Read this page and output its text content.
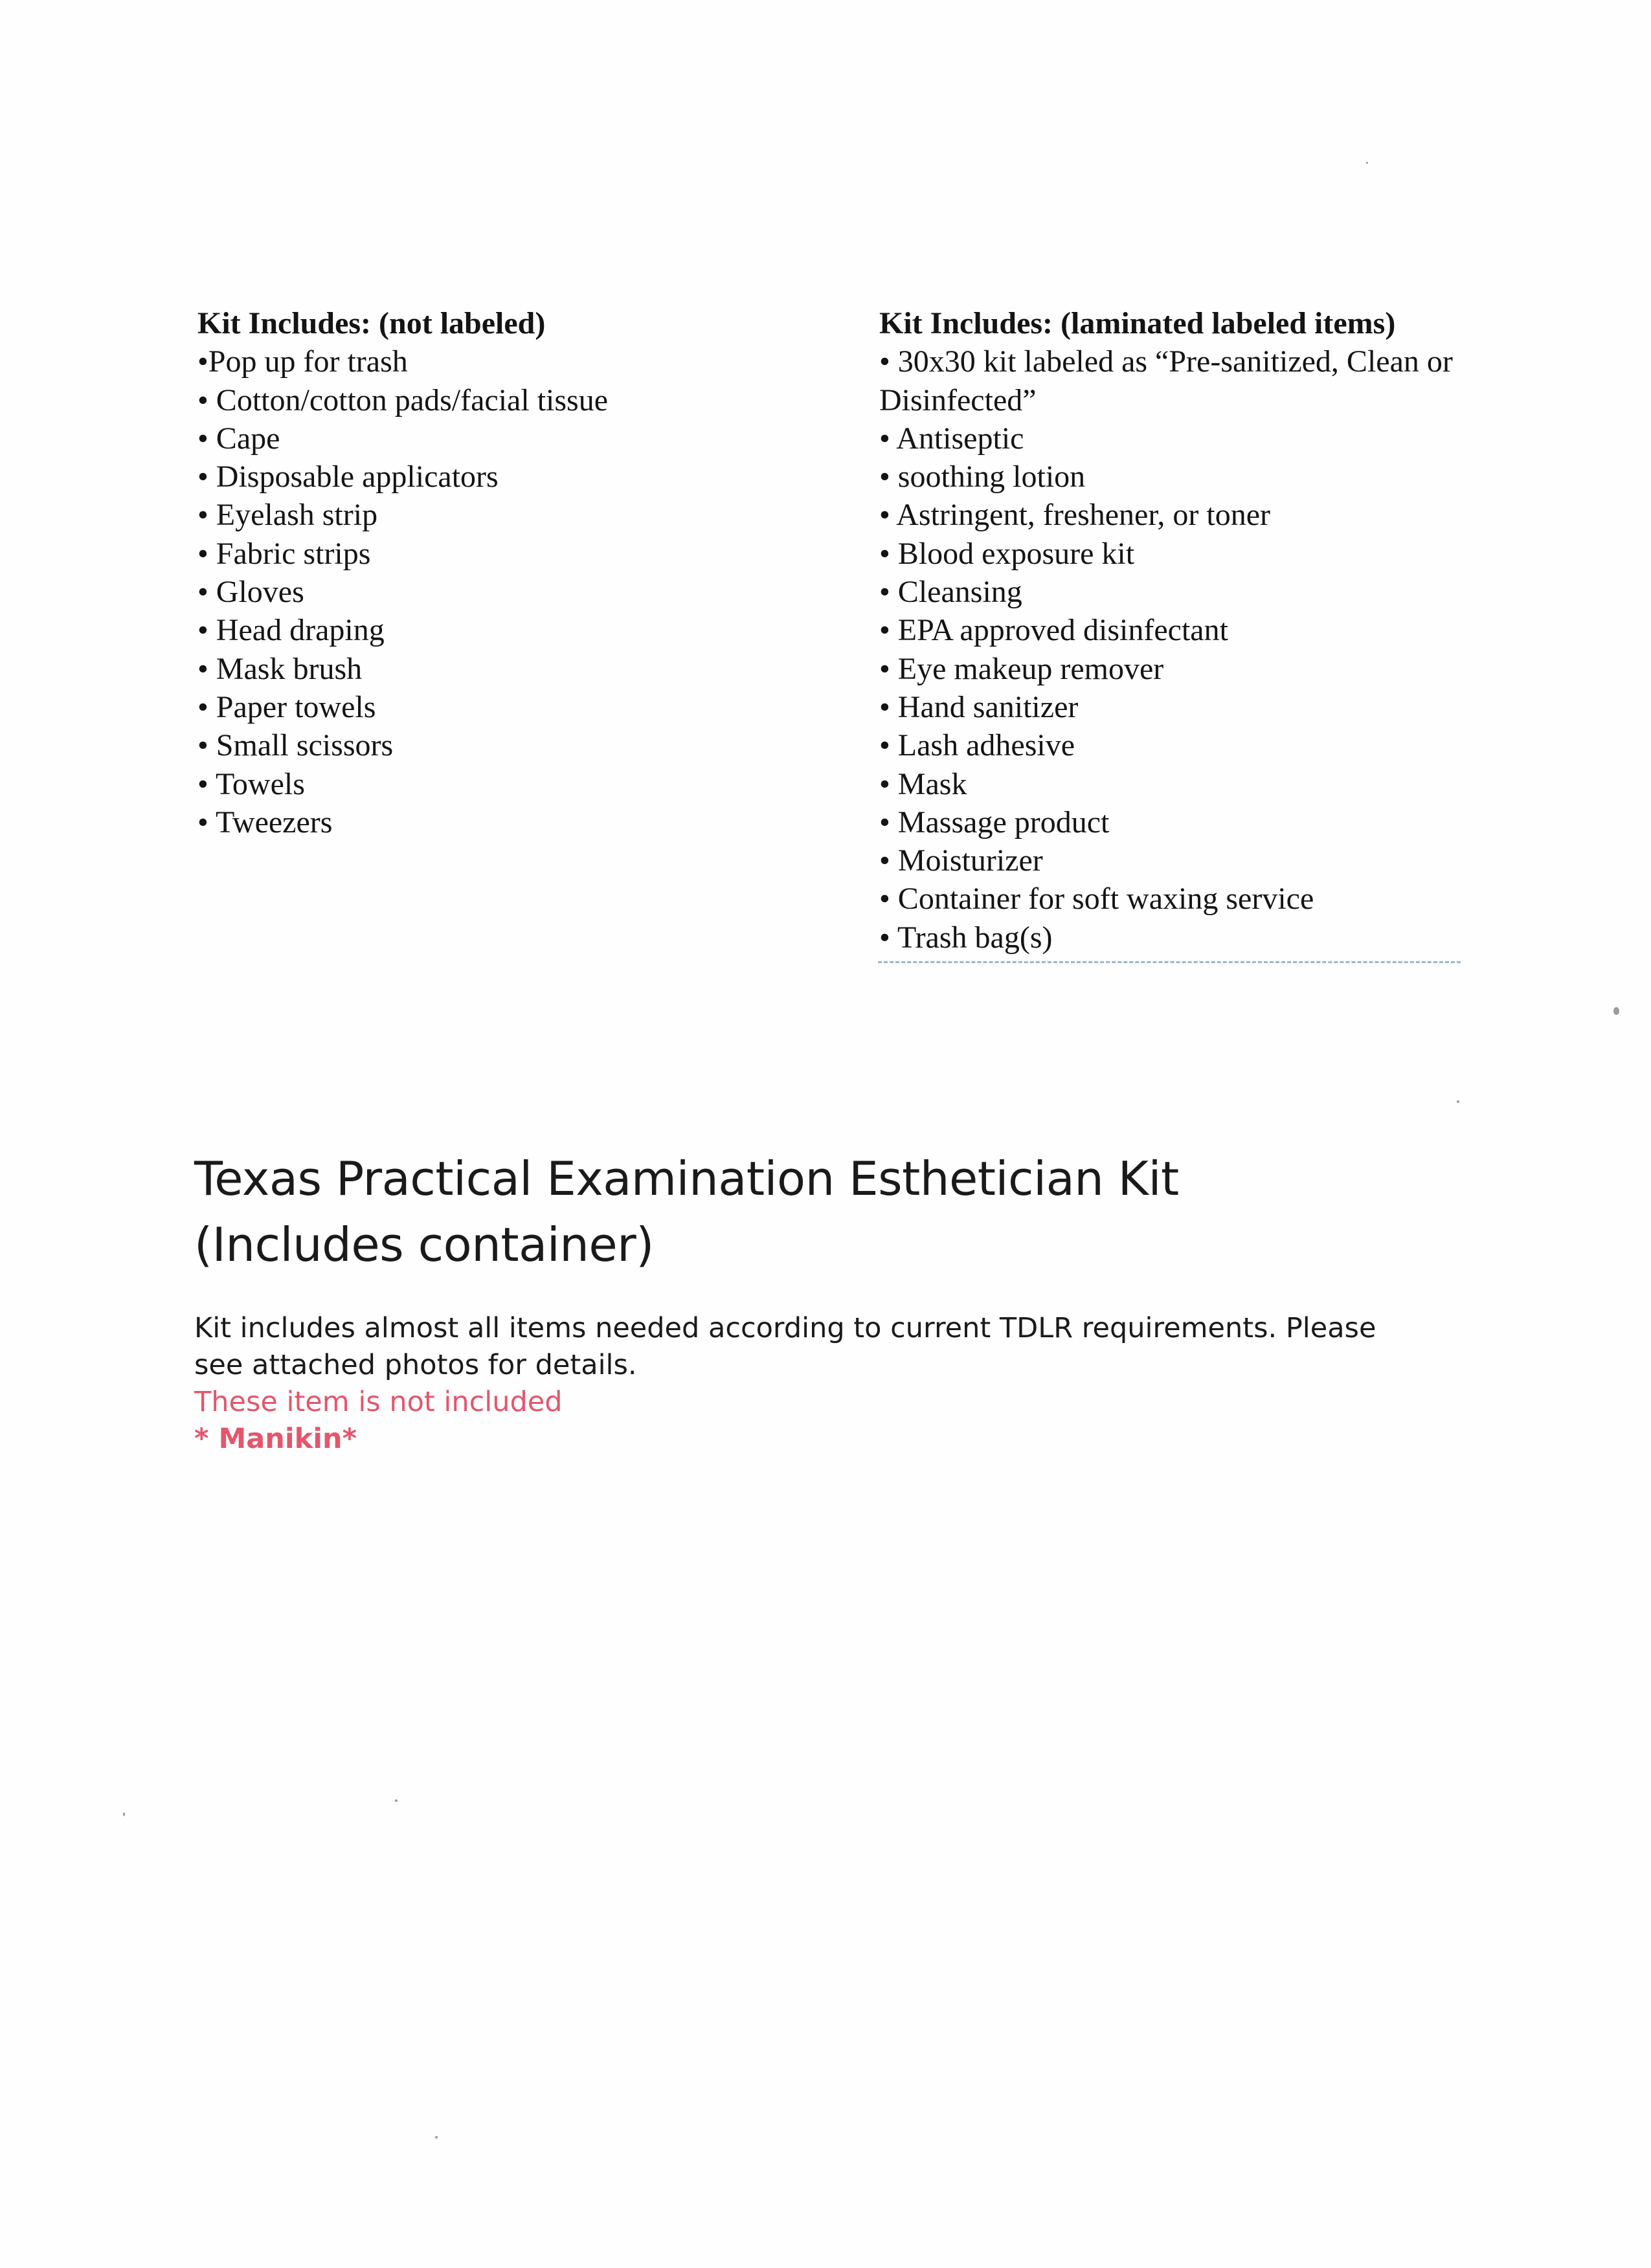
Kit Includes: (not labeled)

•Pop up for trash
• Cotton/cotton pads/facial tissue
• Cape
• Disposable applicators
• Eyelash strip
• Fabric strips
• Gloves
• Head draping
• Mask brush
• Paper towels
• Small scissors
• Towels
• Tweezers

Kit Includes: (laminated labeled items)

• 30x30 kit labeled as “Pre-sanitized, Clean or Disinfected”
• Antiseptic
• soothing lotion
• Astringent, freshener, or toner
• Blood exposure kit
• Cleansing
• EPA approved disinfectant
• Eye makeup remover
• Hand sanitizer
• Lash adhesive
• Mask
• Massage product
• Moisturizer
• Container for soft waxing service
• Trash bag(s)
Texas Practical Examination Esthetician Kit
(Includes container)

Kit includes almost all items needed according to current TDLR requirements. Please see attached photos for details.

These item is not included

* Manikin*
